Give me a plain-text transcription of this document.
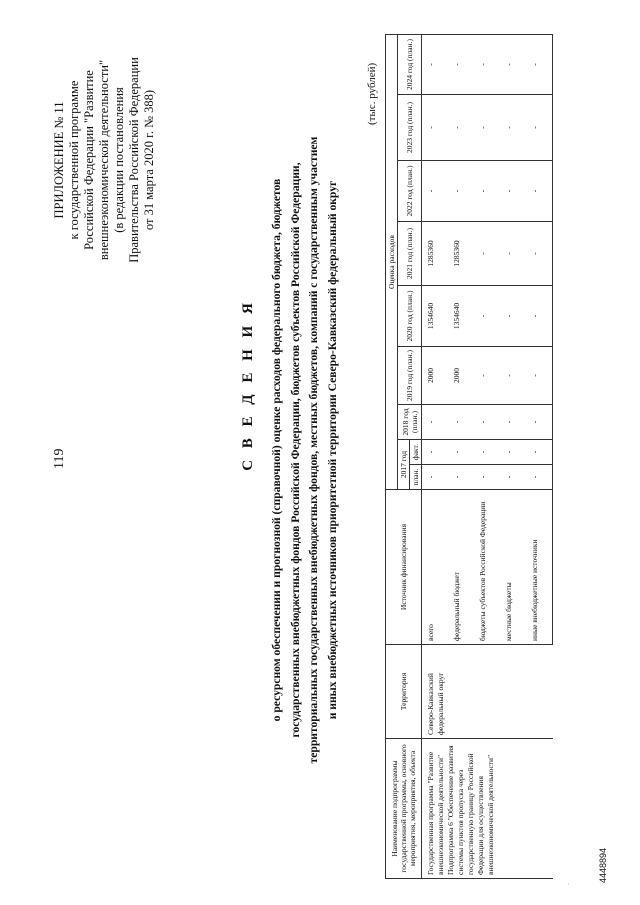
119
ПРИЛОЖЕНИЕ № 11 к государственной программе Российской Федерации "Развитие внешнеэкономической деятельности" (в редакции постановления Правительства Российской Федерации от 31 марта 2020 г. № 388)
С В Е Д Е Н И Я о ресурсном обеспечении и прогнозной (справочной) оценке расходов федерального бюджета, бюджетов государственных внебюджетных фондов Российской Федерации, бюджетов субъектов Российской Федерации, территориальных государственных внебюджетных фондов, местных бюджетов, компаний с государственным участием и иных внебюджетных источников приоритетной территории Северо-Кавказский федеральный округ
(тыс. рублей)
Наименование подпрограммы государственной программы, основного мероприятия, мероприятия, объекта	Территория	Источник финансирования	Оценка расходов								
			2017 год		2018 год (план.)	2019 год (план.)	2020 год (план.)	2021 год (план.)	2022 год (план.)	2023 год (план.)	2024 год (план.)
			план.	факт.							
Государственная программа "Развитие внешнеэкономической деятельности" Подпрограмма 6 "Обеспечение развития системы пунктов пропуска через государственную границу Российской Федерации для осуществления внешнеэкономической деятельности"	Северо-Кавказский федеральный округ	всего	-	-	-	2000	1354640	1285360	-	-	-
		федеральный бюджет	-	-	-	2000	1354640	1285360	-	-	-
		бюджеты субъектов Российской Федерации	-	-	-	-	-	-	-	-	-
		местные бюджеты	-	-	-	-	-	-	-	-	-
		иные внебюджетные источники	-	-	-	-	-	-	-	-	-
4448894
.
